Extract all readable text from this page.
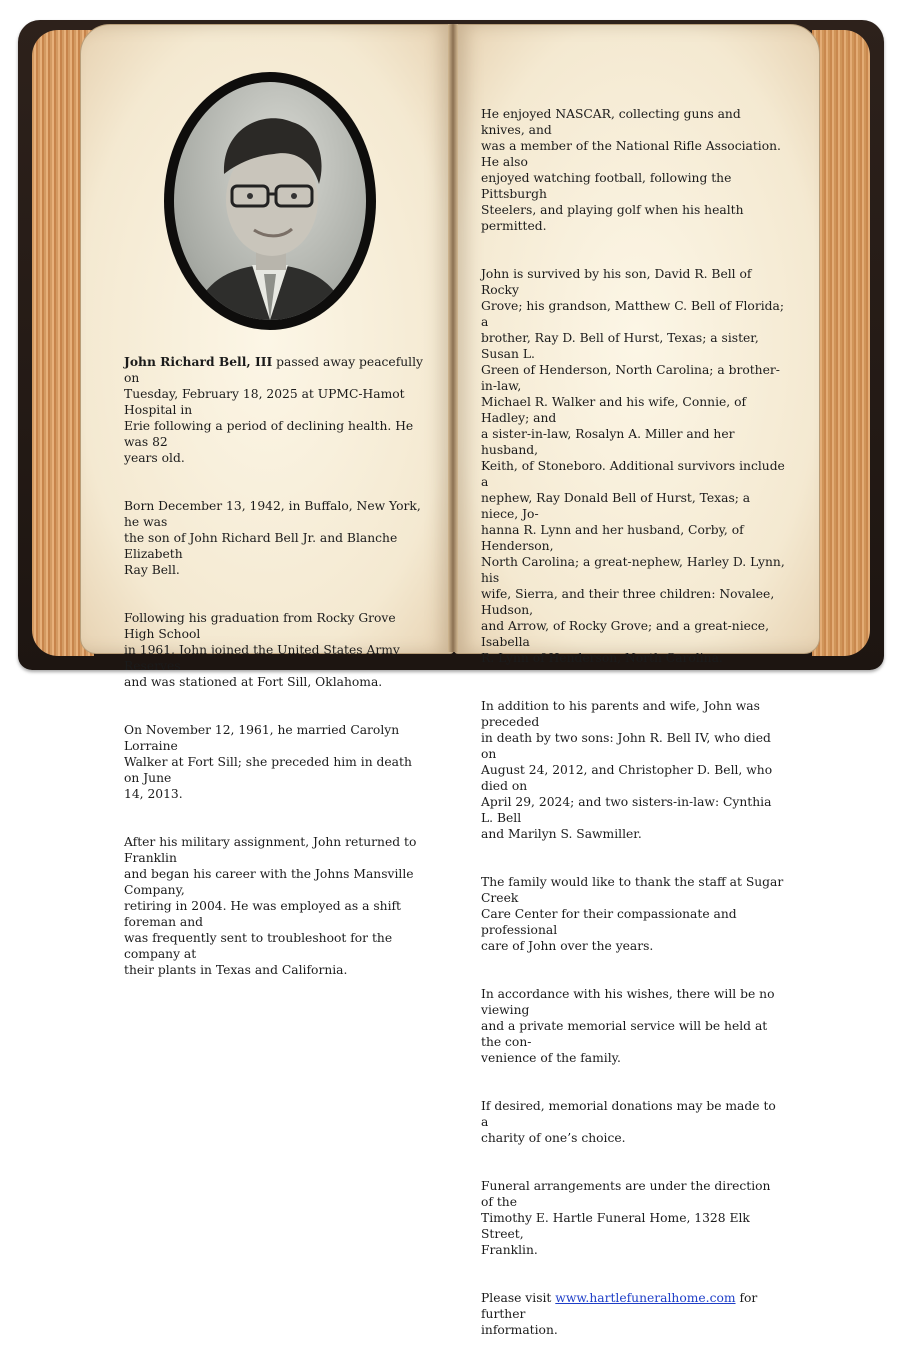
John Richard Bell, III passed away peacefully on
Tuesday, February 18, 2025 at UPMC-Hamot Hospital in
Erie following a period of declining health. He was 82
years old.

Born December 13, 1942, in Buffalo, New York, he was
the son of John Richard Bell Jr. and Blanche Elizabeth
Ray Bell.

Following his graduation from Rocky Grove High School
in 1961, John joined the United States Army Reserves
and was stationed at Fort Sill, Oklahoma.

On November 12, 1961, he married Carolyn Lorraine
Walker at Fort Sill; she preceded him in death on June
14, 2013.

After his military assignment, John returned to Franklin
and began his career with the Johns Mansville Company,
retiring in 2004. He was employed as a shift foreman and
was frequently sent to troubleshoot for the company at
their plants in Texas and California.

He enjoyed NASCAR, collecting guns and knives, and
was a member of the National Rifle Association. He also
enjoyed watching football, following the Pittsburgh
Steelers, and playing golf when his health permitted.

John is survived by his son, David R. Bell of Rocky
Grove; his grandson, Matthew C. Bell of Florida; a
brother, Ray D. Bell of Hurst, Texas; a sister, Susan L.
Green of Henderson, North Carolina; a brother-in-law,
Michael R. Walker and his wife, Connie, of Hadley; and
a sister-in-law, Rosalyn A. Miller and her husband,
Keith, of Stoneboro. Additional survivors include a
nephew, Ray Donald Bell of Hurst, Texas; a niece, Jo-
hanna R. Lynn and her husband, Corby, of Henderson,
North Carolina; a great-nephew, Harley D. Lynn, his
wife, Sierra, and their three children: Novalee, Hudson,
and Arrow, of Rocky Grove; and a great-niece, Isabella
R. Lynn of Henderson, North Carolina.

In addition to his parents and wife, John was preceded
in death by two sons: John R. Bell IV, who died on
August 24, 2012, and Christopher D. Bell, who died on
April 29, 2024; and two sisters-in-law: Cynthia L. Bell
and Marilyn S. Sawmiller.

The family would like to thank the staff at Sugar Creek
Care Center for their compassionate and professional
care of John over the years.

In accordance with his wishes, there will be no viewing
and a private memorial service will be held at the con-
venience of the family.

If desired, memorial donations may be made to a
charity of one’s choice.

Funeral arrangements are under the direction of the
Timothy E. Hartle Funeral Home, 1328 Elk Street,
Franklin.

Please visit www.hartlefuneralhome.com for further
information.
